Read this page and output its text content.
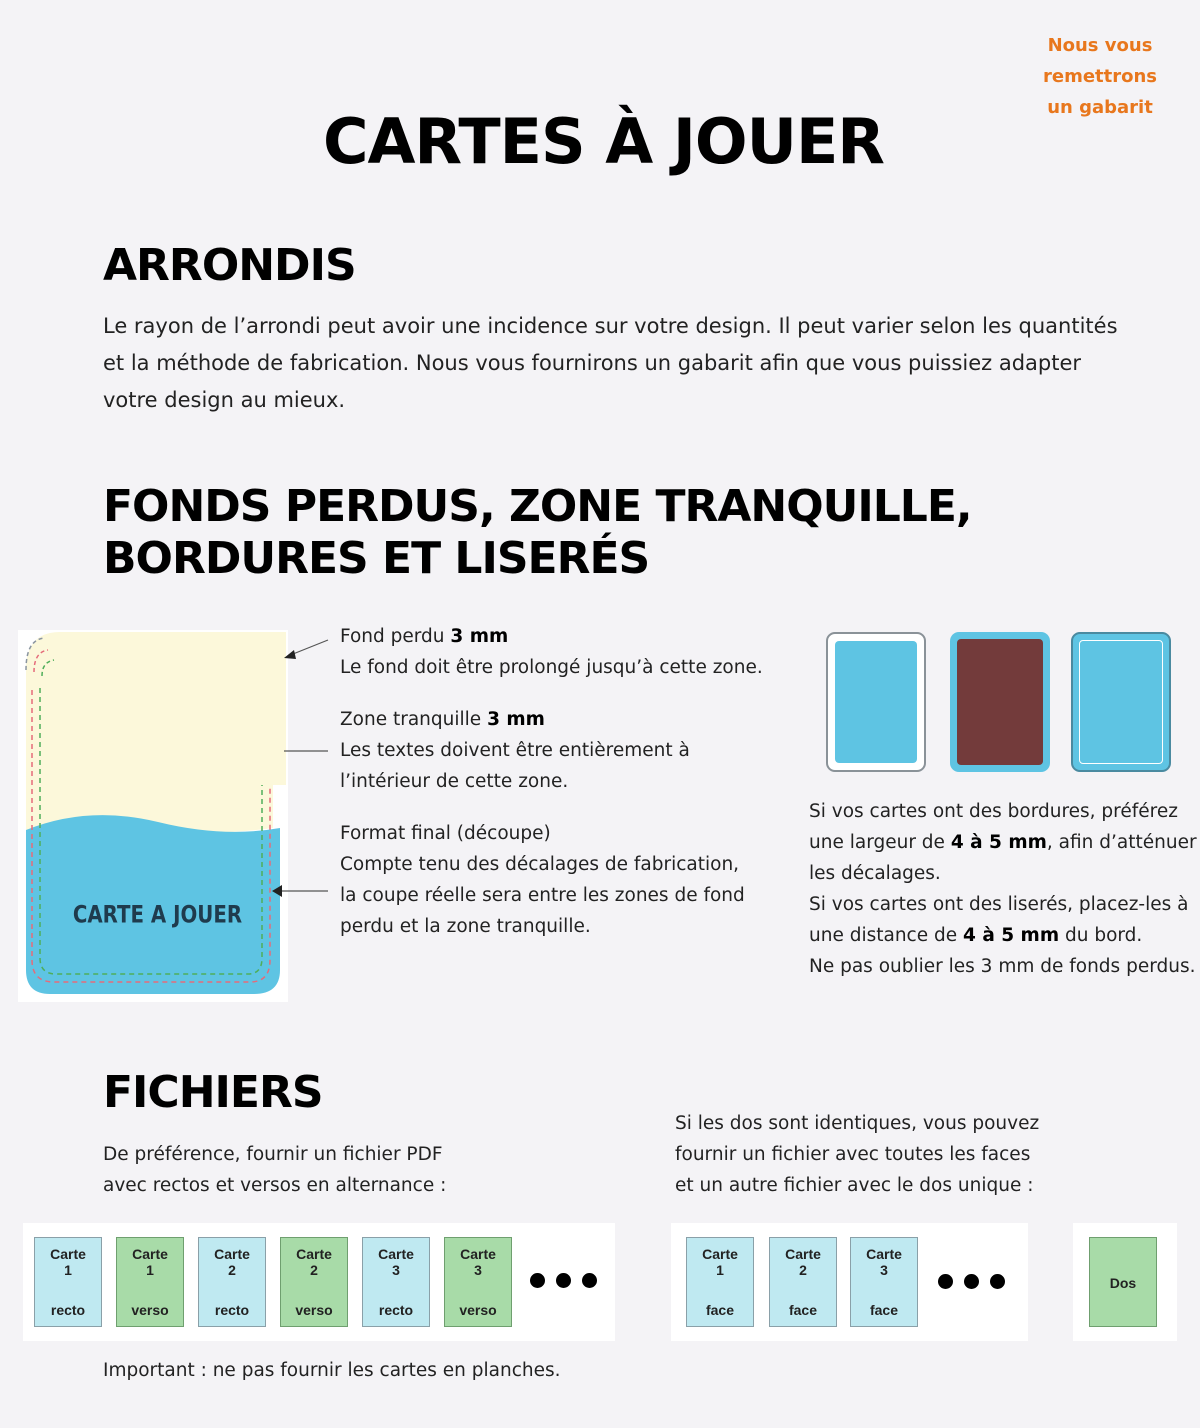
Nous vous
remettrons
un gabarit
CARTES À JOUER
ARRONDIS
Le rayon de l’arrondi peut avoir une incidence sur votre design. Il peut varier selon les quantités
et la méthode de fabrication. Nous vous fournirons un gabarit afin que vous puissiez adapter
votre design au mieux.
FONDS PERDUS, ZONE TRANQUILLE,
BORDURES ET LISERÉS
CARTE A JOUER
Fond perdu 3 mm
Le fond doit être prolongé jusqu’à cette zone.
Zone tranquille 3 mm
Les textes doivent être entièrement à
l’intérieur de cette zone.
Format final (découpe)
Compte tenu des décalages de fabrication,
la coupe réelle sera entre les zones de fond
perdu et la zone tranquille.
Si vos cartes ont des bordures, préférez
une largeur de 4 à 5 mm, afin d’atténuer
les décalages.
Si vos cartes ont des liserés, placez-les à
une distance de 4 à 5 mm du bord.
Ne pas oublier les 3 mm de fonds perdus.
FICHIERS
De préférence, fournir un fichier PDF
avec rectos et versos en alternance :
Si les dos sont identiques, vous pouvez
fournir un fichier avec toutes les faces
et un autre fichier avec le dos unique :
Carte
1
recto
Carte
1
verso
Carte
2
recto
Carte
2
verso
Carte
3
recto
Carte
3
verso
Carte
1
face
Carte
2
face
Carte
3
face
Dos
Important : ne pas fournir les cartes en planches.
